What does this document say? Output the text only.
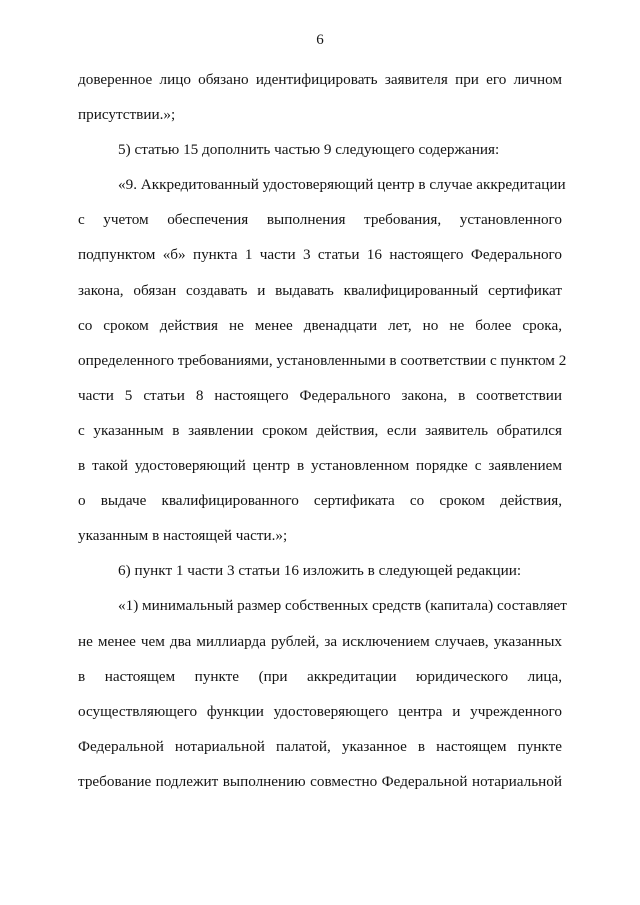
6
доверенное лицо обязано идентифицировать заявителя при его личном
присутствии.»;
5) статью 15 дополнить частью 9 следующего содержания:
«9. Аккредитованный удостоверяющий центр в случае аккредитации
с учетом обеспечения выполнения требования, установленного
подпунктом «б» пункта 1 части 3 статьи 16 настоящего Федерального
закона, обязан создавать и выдавать квалифицированный сертификат
со сроком действия не менее двенадцати лет, но не более срока,
определенного требованиями, установленными в соответствии с пунктом 2
части 5 статьи 8 настоящего Федерального закона, в соответствии
с указанным в заявлении сроком действия, если заявитель обратился
в такой удостоверяющий центр в установленном порядке с заявлением
о выдаче квалифицированного сертификата со сроком действия,
указанным в настоящей части.»;
6) пункт 1 части 3 статьи 16 изложить в следующей редакции:
«1) минимальный размер собственных средств (капитала) составляет
не менее чем два миллиарда рублей, за исключением случаев, указанных
в настоящем пункте (при аккредитации юридического лица,
осуществляющего функции удостоверяющего центра и учрежденного
Федеральной нотариальной палатой, указанное в настоящем пункте
требование подлежит выполнению совместно Федеральной нотариальной
